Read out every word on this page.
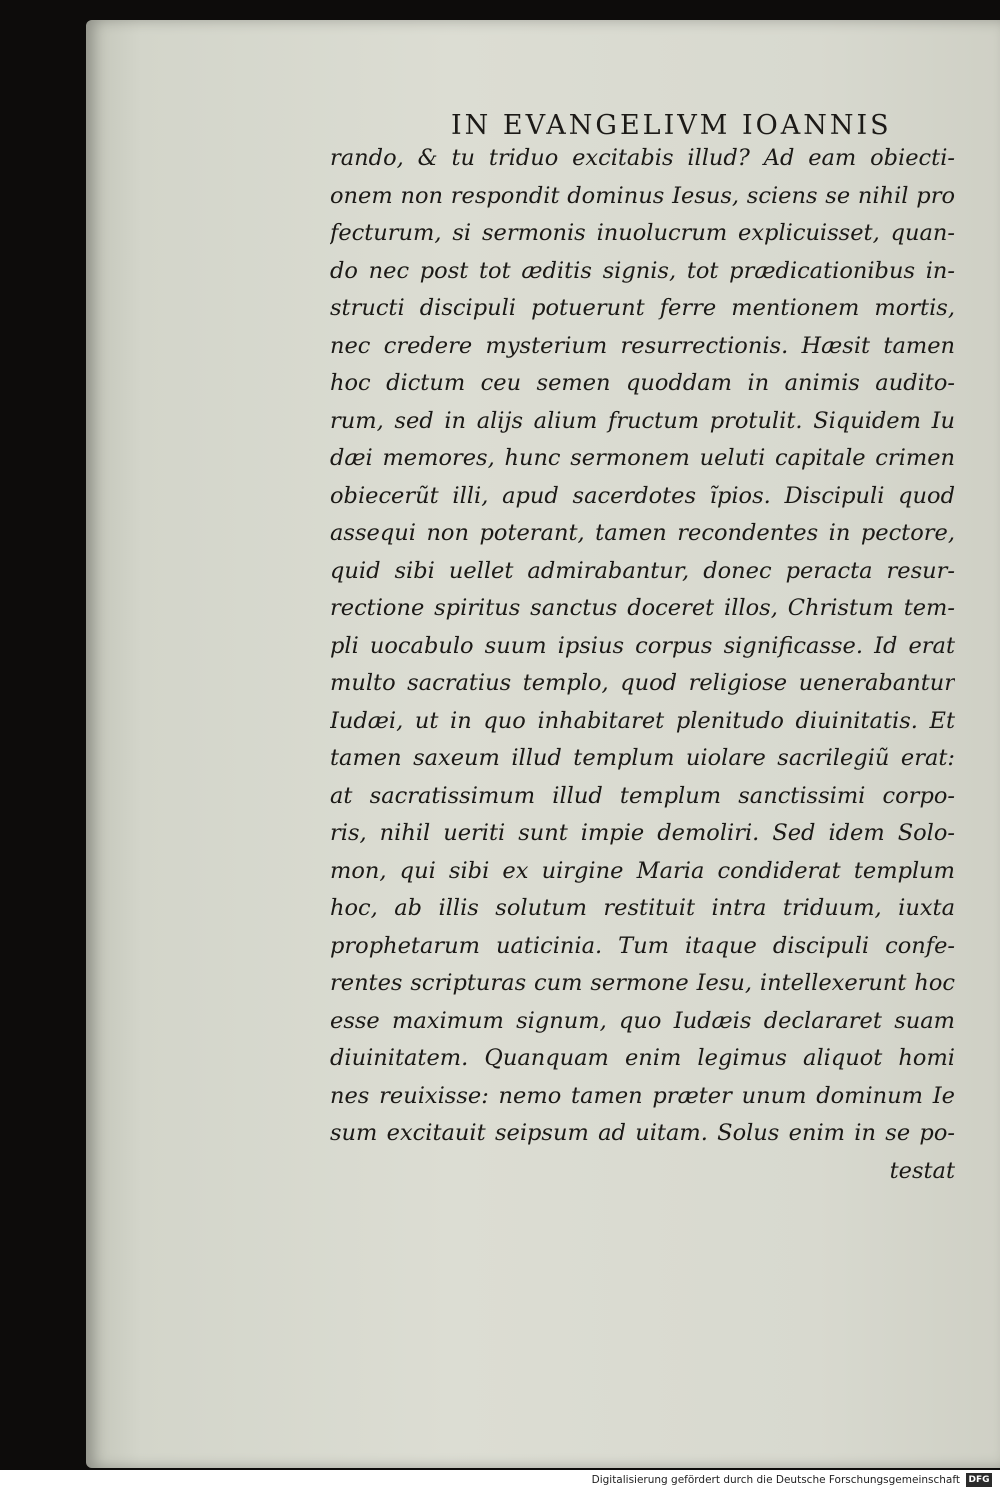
IN EVANGELIVM IOANNIS
rando, & tu triduo excitabis illud? Ad eam obiecti-
onem non respondit dominus Iesus, sciens se nihil pro
fecturum, si sermonis inuolucrum explicuisset, quan-
do nec post tot æditis signis, tot prædicationibus in-
structi discipuli potuerunt ferre mentionem mortis,
nec credere mysterium resurrectionis. Hæsit tamen
hoc dictum ceu semen quoddam in animis audito-
rum, sed in alijs alium fructum protulit. Siquidem Iu
dæi memores, hunc sermonem ueluti capitale crimen
obiecerũt illi, apud sacerdotes ĩpios. Discipuli quod
assequi non poterant, tamen recondentes in pectore,
quid sibi uellet admirabantur, donec peracta resur-
rectione spiritus sanctus doceret illos, Christum tem-
pli uocabulo suum ipsius corpus significasse. Id erat
multo sacratius templo, quod religiose uenerabantur
Iudæi, ut in quo inhabitaret plenitudo diuinitatis. Et
tamen saxeum illud templum uiolare sacrilegiũ erat:
at sacratissimum illud templum sanctissimi corpo-
ris, nihil ueriti sunt impie demoliri. Sed idem Solo-
mon, qui sibi ex uirgine Maria condiderat templum
hoc, ab illis solutum restituit intra triduum, iuxta
prophetarum uaticinia. Tum itaque discipuli confe-
rentes scripturas cum sermone Iesu, intellexerunt hoc
esse maximum signum, quo Iudæis declararet suam
diuinitatem. Quanquam enim legimus aliquot homi
nes reuixisse: nemo tamen præter unum dominum Ie
sum excitauit seipsum ad uitam. Solus enim in se po-
testat
Digitalisierung gefördert durch die Deutsche Forschungsgemeinschaft DFG
